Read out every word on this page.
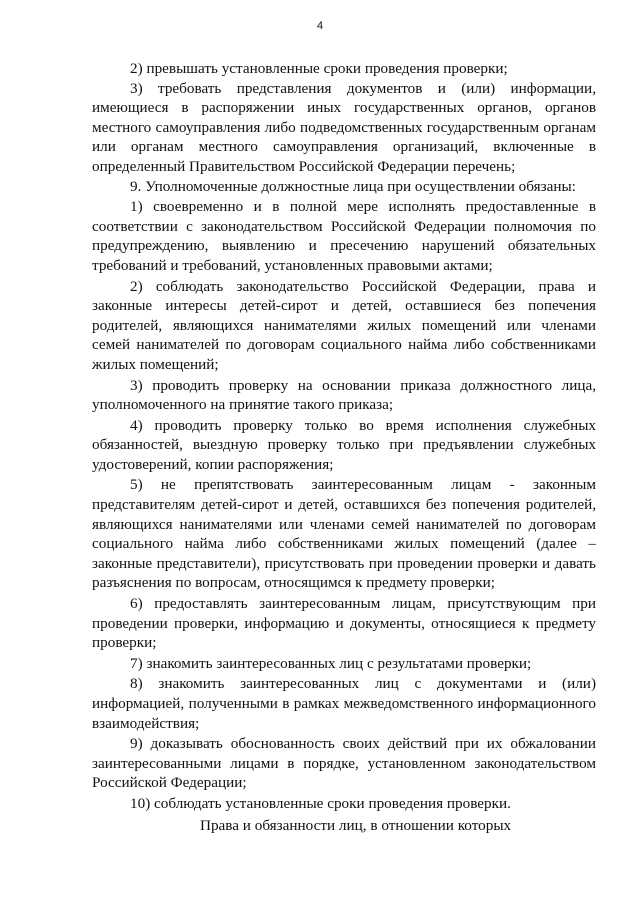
4

2) превышать установленные сроки проведения проверки;

3) требовать представления документов и (или) информации, имеющиеся в распоряжении иных государственных органов, органов местного самоуправления либо подведомственных государственным органам или органам местного самоуправления организаций, включенные в определенный Правительством Российской Федерации перечень;

9. Уполномоченные должностные лица при осуществлении обязаны:

1) своевременно и в полной мере исполнять предоставленные в соответствии с законодательством Российской Федерации полномочия по предупреждению, выявлению и пресечению нарушений обязательных требований и требований, установленных правовыми актами;

2) соблюдать законодательство Российской Федерации, права и законные интересы детей-сирот и детей, оставшиеся без попечения родителей, являющихся нанимателями жилых помещений или членами семей нанимателей по договорам социального найма либо собственниками жилых помещений;

3) проводить проверку на основании приказа должностного лица, уполномоченного на принятие такого приказа;

4) проводить проверку только во время исполнения служебных обязанностей, выездную проверку только при предъявлении служебных удостоверений, копии распоряжения;

5) не препятствовать заинтересованным лицам - законным представителям детей-сирот и детей, оставшихся без попечения родителей, являющихся нанимателями или членами семей нанимателей по договорам социального найма либо собственниками жилых помещений (далее – законные представители), присутствовать при проведении проверки и давать разъяснения по вопросам, относящимся к предмету проверки;

6) предоставлять заинтересованным лицам, присутствующим при проведении проверки, информацию и документы, относящиеся к предмету проверки;

7) знакомить заинтересованных лиц с результатами проверки;

8) знакомить заинтересованных лиц с документами и (или) информацией, полученными в рамках межведомственного информационного взаимодействия;

9) доказывать обоснованность своих действий при их обжаловании заинтересованными лицами в порядке, установленном законодательством Российской Федерации;

10) соблюдать установленные сроки проведения проверки.

Права и обязанности лиц, в отношении которых
